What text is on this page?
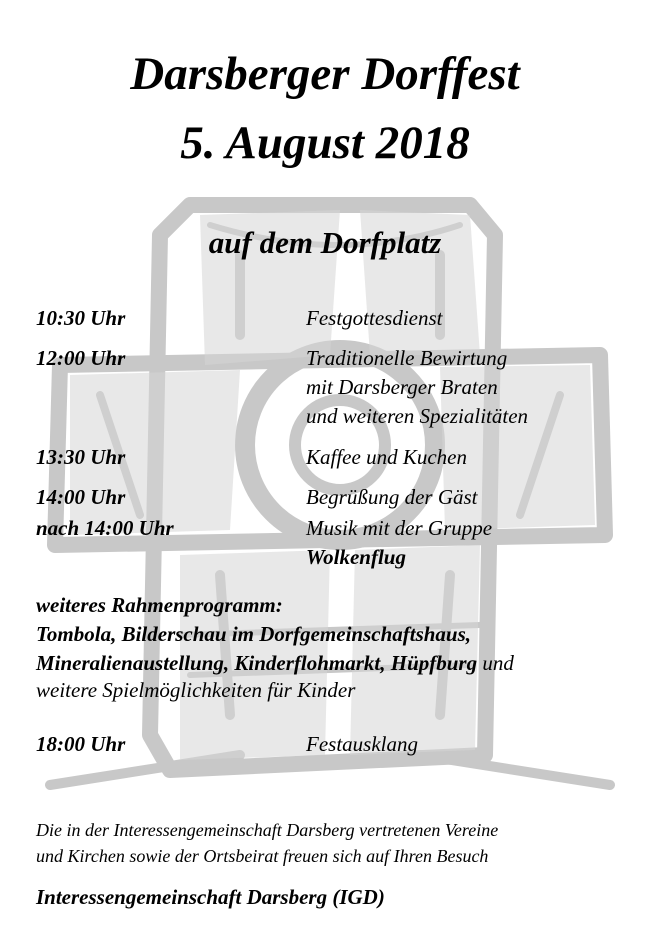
Darsberger Dorffest
5. August 2018
auf dem Dorfplatz

10:30 Uhr	Festgottesdienst

12:00 Uhr	Traditionelle Bewirtung

mit Darsberger Braten

und weiteren Spezialitäten

13:30 Uhr	Kaffee und Kuchen

14:00 Uhr	Begrüßung der Gäst

nach 14:00 Uhr	Musik mit der Gruppe

Wolkenflug

weiteres Rahmenprogramm:

Tombola, Bilderschau im Dorfgemeinschaftshaus,

Mineralienaustellung, Kinderflohmarkt, Hüpfburg und

weitere Spielmöglichkeiten für Kinder

18:00 Uhr	Festausklang

Die in der Interessengemeinschaft Darsberg vertretenen Vereine

und Kirchen sowie der Ortsbeirat freuen sich auf Ihren Besuch

Interessengemeinschaft Darsberg (IGD)
